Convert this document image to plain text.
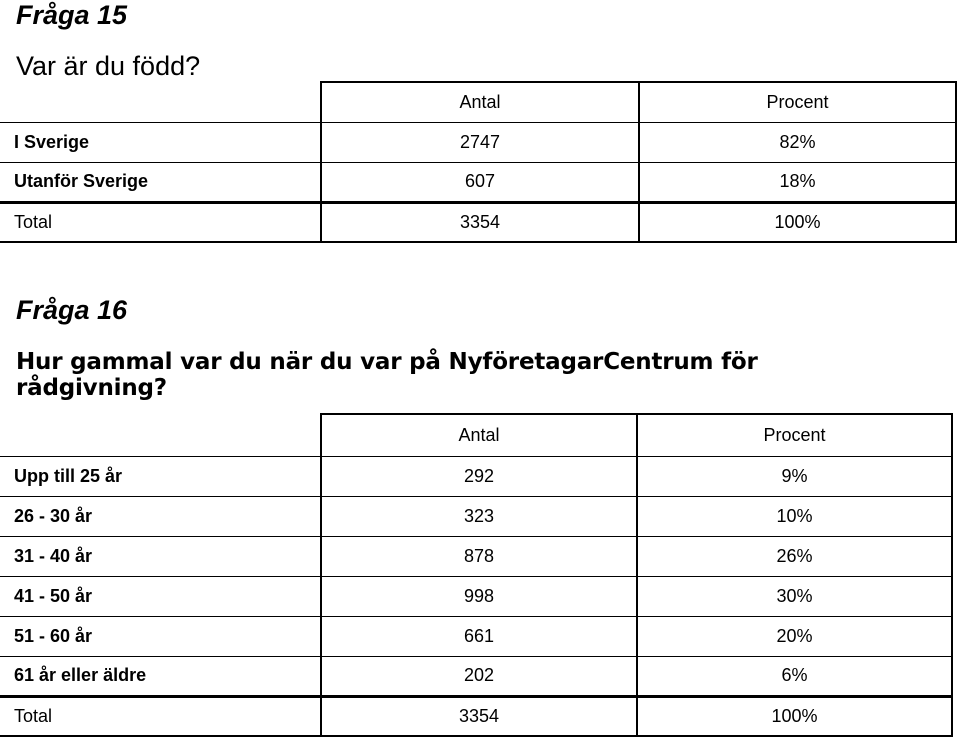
Fråga 15

Var är du född?

	Antal	Procent
I Sverige	2747	82%
Utanför Sverige	607	18%
Total	3354	100%
Fråga 16

Hur gammal var du när du var på NyföretagarCentrum för rådgivning?

	Antal	Procent
Upp till 25 år	292	9%
26 - 30 år	323	10%
31 - 40 år	878	26%
41 - 50 år	998	30%
51 - 60 år	661	20%
61 år eller äldre	202	6%
Total	3354	100%
